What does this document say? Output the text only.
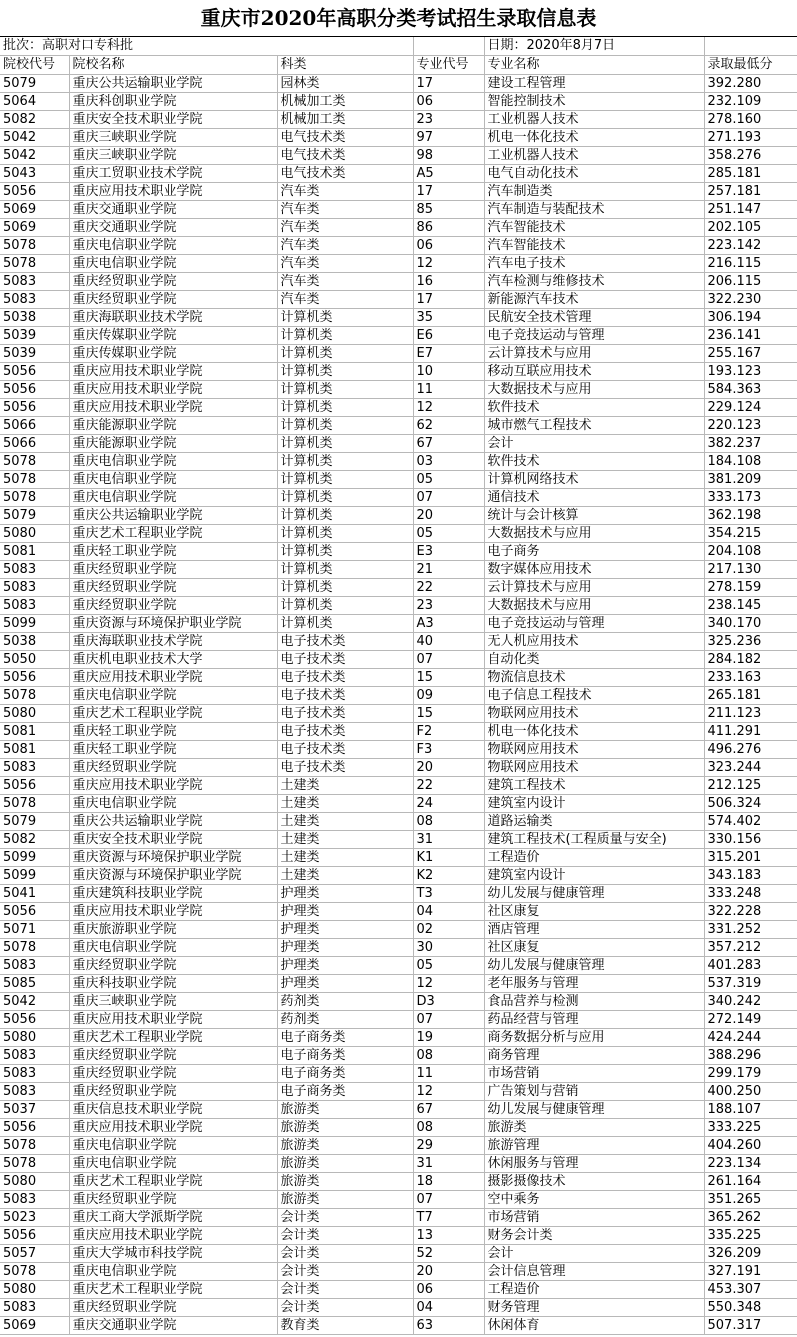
重庆市2020年高职分类考试招生录取信息表
批次：高职对口专科批				日期：2020年8月7日	
院校代号	院校名称	科类	专业代号	专业名称	录取最低分
5079	重庆公共运输职业学院	园林类	17	建设工程管理	392.280
5064	重庆科创职业学院	机械加工类	06	智能控制技术	232.109
5082	重庆安全技术职业学院	机械加工类	23	工业机器人技术	278.160
5042	重庆三峡职业学院	电气技术类	97	机电一体化技术	271.193
5042	重庆三峡职业学院	电气技术类	98	工业机器人技术	358.276
5043	重庆工贸职业技术学院	电气技术类	A5	电气自动化技术	285.181
5056	重庆应用技术职业学院	汽车类	17	汽车制造类	257.181
5069	重庆交通职业学院	汽车类	85	汽车制造与装配技术	251.147
5069	重庆交通职业学院	汽车类	86	汽车智能技术	202.105
5078	重庆电信职业学院	汽车类	06	汽车智能技术	223.142
5078	重庆电信职业学院	汽车类	12	汽车电子技术	216.115
5083	重庆经贸职业学院	汽车类	16	汽车检测与维修技术	206.115
5083	重庆经贸职业学院	汽车类	17	新能源汽车技术	322.230
5038	重庆海联职业技术学院	计算机类	35	民航安全技术管理	306.194
5039	重庆传媒职业学院	计算机类	E6	电子竞技运动与管理	236.141
5039	重庆传媒职业学院	计算机类	E7	云计算技术与应用	255.167
5056	重庆应用技术职业学院	计算机类	10	移动互联应用技术	193.123
5056	重庆应用技术职业学院	计算机类	11	大数据技术与应用	584.363
5056	重庆应用技术职业学院	计算机类	12	软件技术	229.124
5066	重庆能源职业学院	计算机类	62	城市燃气工程技术	220.123
5066	重庆能源职业学院	计算机类	67	会计	382.237
5078	重庆电信职业学院	计算机类	03	软件技术	184.108
5078	重庆电信职业学院	计算机类	05	计算机网络技术	381.209
5078	重庆电信职业学院	计算机类	07	通信技术	333.173
5079	重庆公共运输职业学院	计算机类	20	统计与会计核算	362.198
5080	重庆艺术工程职业学院	计算机类	05	大数据技术与应用	354.215
5081	重庆轻工职业学院	计算机类	E3	电子商务	204.108
5083	重庆经贸职业学院	计算机类	21	数字媒体应用技术	217.130
5083	重庆经贸职业学院	计算机类	22	云计算技术与应用	278.159
5083	重庆经贸职业学院	计算机类	23	大数据技术与应用	238.145
5099	重庆资源与环境保护职业学院	计算机类	A3	电子竞技运动与管理	340.170
5038	重庆海联职业技术学院	电子技术类	40	无人机应用技术	325.236
5050	重庆机电职业技术大学	电子技术类	07	自动化类	284.182
5056	重庆应用技术职业学院	电子技术类	15	物流信息技术	233.163
5078	重庆电信职业学院	电子技术类	09	电子信息工程技术	265.181
5080	重庆艺术工程职业学院	电子技术类	15	物联网应用技术	211.123
5081	重庆轻工职业学院	电子技术类	F2	机电一体化技术	411.291
5081	重庆轻工职业学院	电子技术类	F3	物联网应用技术	496.276
5083	重庆经贸职业学院	电子技术类	20	物联网应用技术	323.244
5056	重庆应用技术职业学院	土建类	22	建筑工程技术	212.125
5078	重庆电信职业学院	土建类	24	建筑室内设计	506.324
5079	重庆公共运输职业学院	土建类	08	道路运输类	574.402
5082	重庆安全技术职业学院	土建类	31	建筑工程技术(工程质量与安全)	330.156
5099	重庆资源与环境保护职业学院	土建类	K1	工程造价	315.201
5099	重庆资源与环境保护职业学院	土建类	K2	建筑室内设计	343.183
5041	重庆建筑科技职业学院	护理类	T3	幼儿发展与健康管理	333.248
5056	重庆应用技术职业学院	护理类	04	社区康复	322.228
5071	重庆旅游职业学院	护理类	02	酒店管理	331.252
5078	重庆电信职业学院	护理类	30	社区康复	357.212
5083	重庆经贸职业学院	护理类	05	幼儿发展与健康管理	401.283
5085	重庆科技职业学院	护理类	12	老年服务与管理	537.319
5042	重庆三峡职业学院	药剂类	D3	食品营养与检测	340.242
5056	重庆应用技术职业学院	药剂类	07	药品经营与管理	272.149
5080	重庆艺术工程职业学院	电子商务类	19	商务数据分析与应用	424.244
5083	重庆经贸职业学院	电子商务类	08	商务管理	388.296
5083	重庆经贸职业学院	电子商务类	11	市场营销	299.179
5083	重庆经贸职业学院	电子商务类	12	广告策划与营销	400.250
5037	重庆信息技术职业学院	旅游类	67	幼儿发展与健康管理	188.107
5056	重庆应用技术职业学院	旅游类	08	旅游类	333.225
5078	重庆电信职业学院	旅游类	29	旅游管理	404.260
5078	重庆电信职业学院	旅游类	31	休闲服务与管理	223.134
5080	重庆艺术工程职业学院	旅游类	18	摄影摄像技术	261.164
5083	重庆经贸职业学院	旅游类	07	空中乘务	351.265
5023	重庆工商大学派斯学院	会计类	T7	市场营销	365.262
5056	重庆应用技术职业学院	会计类	13	财务会计类	335.225
5057	重庆大学城市科技学院	会计类	52	会计	326.209
5078	重庆电信职业学院	会计类	20	会计信息管理	327.191
5080	重庆艺术工程职业学院	会计类	06	工程造价	453.307
5083	重庆经贸职业学院	会计类	04	财务管理	550.348
5069	重庆交通职业学院	教育类	63	休闲体育	507.317
